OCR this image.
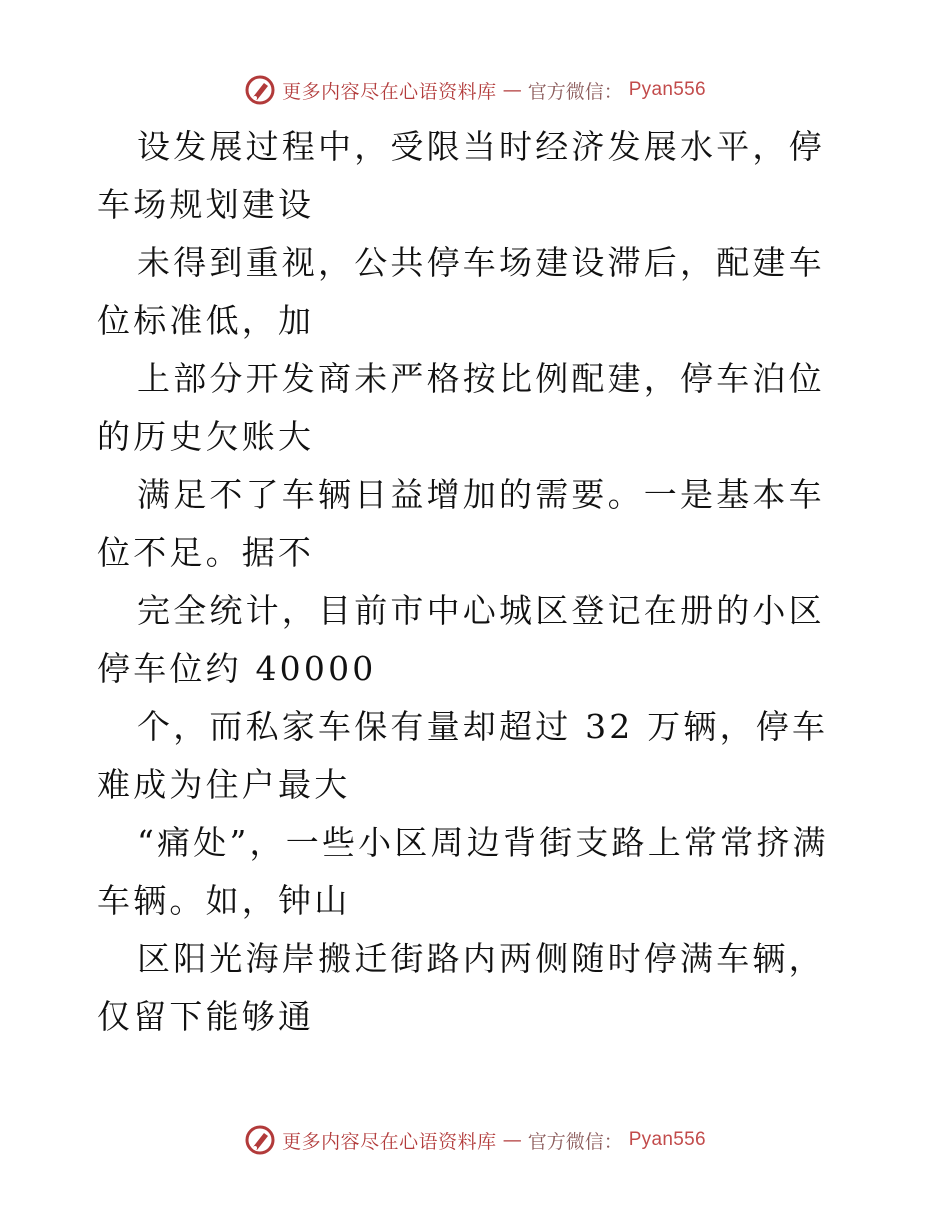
更多内容尽在心语资料库 — 官方微信： Pyan556

设发展过程中，受限当时经济发展水平，停车场规划建设

未得到重视，公共停车场建设滞后，配建车位标准低，加

上部分开发商未严格按比例配建，停车泊位的历史欠账大

满足不了车辆日益增加的需要。一是基本车位不足。据不

完全统计，目前市中心城区登记在册的小区停车位约 40000

个，而私家车保有量却超过 32 万辆，停车难成为住户最大

“痛处”，一些小区周边背街支路上常常挤满车辆。如，钟山

区阳光海岸搬迁街路内两侧随时停满车辆，仅留下能够通

更多内容尽在心语资料库 — 官方微信： Pyan556
